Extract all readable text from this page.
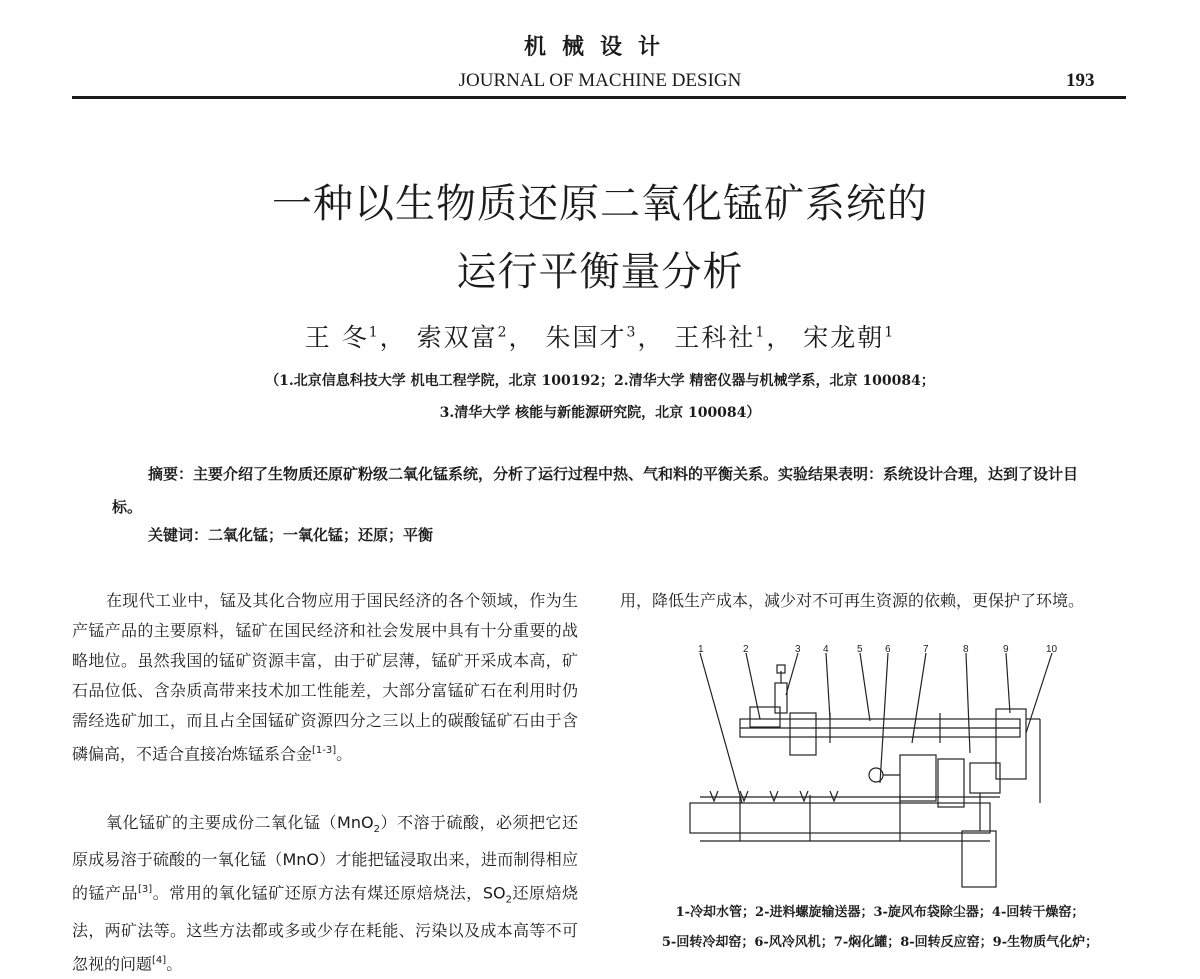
机械设计
JOURNAL OF MACHINE DESIGN	193
一种以生物质还原二氧化锰矿系统的
运行平衡量分析
王 冬$^1$， 索双富$^2$， 朱国才$^3$， 王科社$^1$， 宋龙朝$^1$
（1.北京信息科技大学 机电工程学院，北京 100192；2.清华大学 精密仪器与机械学系，北京 100084；
3.清华大学 核能与新能源研究院，北京 100084）
摘要：主要介绍了生物质还原矿粉级二氧化锰系统，分析了运行过程中热、气和料的平衡关系。实验结果表明：系统设计合理，达到了设计目标。
关键词：二氧化锰；一氧化锰；还原；平衡
在现代工业中，锰及其化合物应用于国民经济的各个领域，作为生产锰产品的主要原料，锰矿在国民经济和社会发展中具有十分重要的战略地位。虽然我国的锰矿资源丰富，由于矿层薄，锰矿开采成本高，矿石品位低、含杂质高带来技术加工性能差，大部分富锰矿石在利用时仍需经选矿加工，而且占全国锰矿资源四分之三以上的碳酸锰矿石由于含磷偏高，不适合直接冶炼锰系合金[1-3]。
氧化锰矿的主要成份二氧化锰（MnO$_2$）不溶于硫酸，必须把它还原成易溶于硫酸的一氧化锰（MnO）才能把锰浸取出来，进而制得相应的锰产品[3]。常用的氧化锰矿还原方法有煤还原焙烧法，$SO_2$还原焙烧法，两矿法等。这些方法都或多或少存在耗能、污染以及成本高等不可忽视的问题[4]。
用，降低生产成本，减少对不可再生资源的依赖，更保护了环境。
1	2	3 4	5 6	7	8	9	10
1-冷却水管；2-进料螺旋输送器；3-旋风布袋除尘器；4-回转干燥窑；
5-回转冷却窑；6-风冷风机；7-焖化罐；8-回转反应窑；9-生物质气化炉；
